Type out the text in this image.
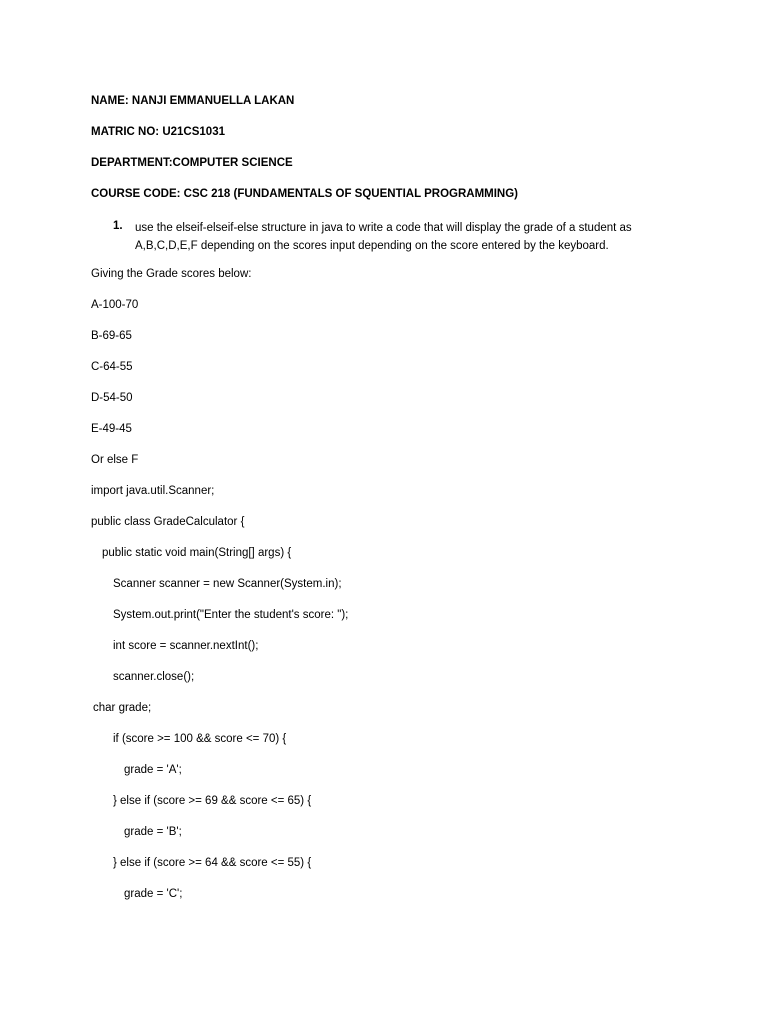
NAME: NANJI EMMANUELLA LAKAN
MATRIC NO: U21CS1031
DEPARTMENT:COMPUTER SCIENCE
COURSE CODE: CSC 218 (FUNDAMENTALS OF SQUENTIAL PROGRAMMING)
1. use the elseif-elseif-else structure in java to write a code that will display the grade of a student as
A,B,C,D,E,F depending on the scores input depending on the score entered by the keyboard.
Giving the Grade scores below:
A-100-70
B-69-65
C-64-55
D-54-50
E-49-45
Or else F
import java.util.Scanner;
public class GradeCalculator {
public static void main(String[] args) {
Scanner scanner = new Scanner(System.in);
System.out.print("Enter the student's score: ");
int score = scanner.nextInt();
scanner.close();
char grade;
if (score >= 100 && score <= 70) {
grade = 'A';
} else if (score >= 69 && score <= 65) {
grade = 'B';
} else if (score >= 64 && score <= 55) {
grade = 'C';
